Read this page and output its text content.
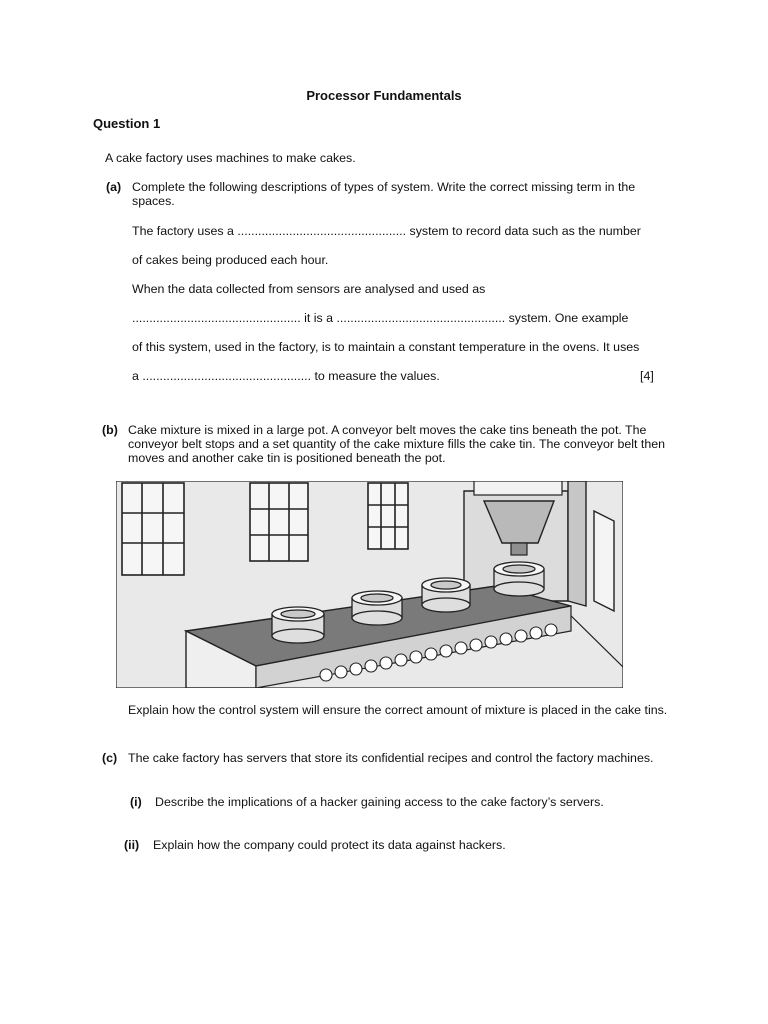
Processor Fundamentals
Question 1
A cake factory uses machines to make cakes.
(a) Complete the following descriptions of types of system. Write the correct missing term in the spaces.
The factory uses a ................................................. system to record data such as the number
of cakes being produced each hour.
When the data collected from sensors are analysed and used as
................................................. it is a ................................................. system. One example
of this system, used in the factory, is to maintain a constant temperature in the ovens. It uses
a ................................................. to measure the values.	[4]
(b) Cake mixture is mixed in a large pot. A conveyor belt moves the cake tins beneath the pot. The conveyor belt stops and a set quantity of the cake mixture fills the cake tin. The conveyor belt then moves and another cake tin is positioned beneath the pot.
Explain how the control system will ensure the correct amount of mixture is placed in the cake tins.
(c) The cake factory has servers that store its confidential recipes and control the factory machines.
(i) Describe the implications of a hacker gaining access to the cake factory’s servers.
(ii) Explain how the company could protect its data against hackers.
